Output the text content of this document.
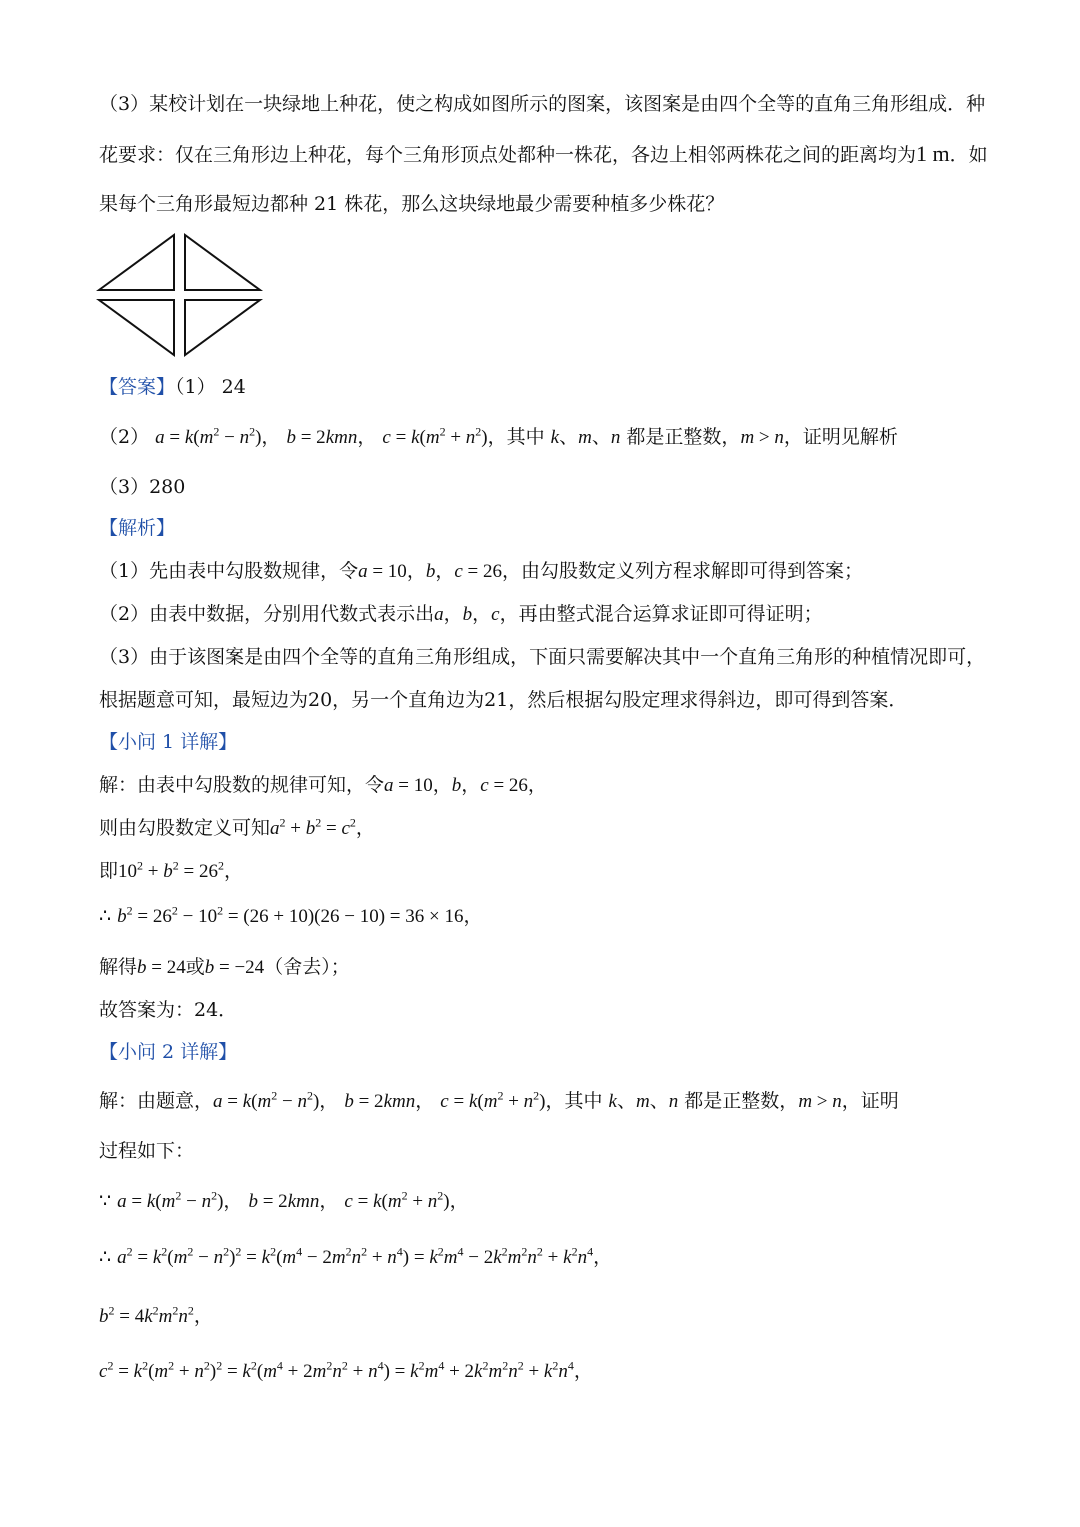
（3）某校计划在一块绿地上种花，使之构成如图所示的图案，该图案是由四个全等的直角三角形组成．种
花要求：仅在三角形边上种花，每个三角形顶点处都种一株花，各边上相邻两株花之间的距离均为1 m．如
果每个三角形最短边都种 21 株花，那么这块绿地最少需要种植多少株花？
【答案】（1） 24
（2） $a = k(m^2 - n^2)$， b = 2kmn， $c = k(m^2 + n^2)$，其中 k、m、n 都是正整数，m > n，证明见解析
（3）280
【解析】
（1）先由表中勾股数规律，令a = 10，b，c = 26，由勾股数定义列方程求解即可得到答案；
（2）由表中数据，分别用代数式表示出a，b，c，再由整式混合运算求证即可得证明；
（3）由于该图案是由四个全等的直角三角形组成，下面只需要解决其中一个直角三角形的种植情况即可，
根据题意可知，最短边为20，另一个直角边为21，然后根据勾股定理求得斜边，即可得到答案．
【小问 1 详解】
解：由表中勾股数的规律可知，令a = 10，b，c = 26，
则由勾股数定义可知$a^2 + b^2 = c^2$，
即$10^2 + b^2 = 26^2$，
∴ $b^2 = 26^2 - 10^2 = (26 + 10)(26 - 10) = 36 \times 16$，
解得b = 24或b = −24（舍去）；
故答案为：24．
【小问 2 详解】
解：由题意，$a = k(m^2 - n^2)$， b = 2kmn， $c = k(m^2 + n^2)$，其中 k、m、n 都是正整数，m > n，证明
过程如下：
∵ $a = k(m^2 - n^2)$， b = 2kmn， $c = k(m^2 + n^2)$，
∴ $a^2 = k^2(m^2 - n^2)^2 = k^2(m^4 - 2m^2n^2 + n^4) = k^2m^4 - 2k^2m^2n^2 + k^2n^4$，
$b^2 = 4k^2m^2n^2$，
$c^2 = k^2(m^2 + n^2)^2 = k^2(m^4 + 2m^2n^2 + n^4) = k^2m^4 + 2k^2m^2n^2 + k^2n^4$，
